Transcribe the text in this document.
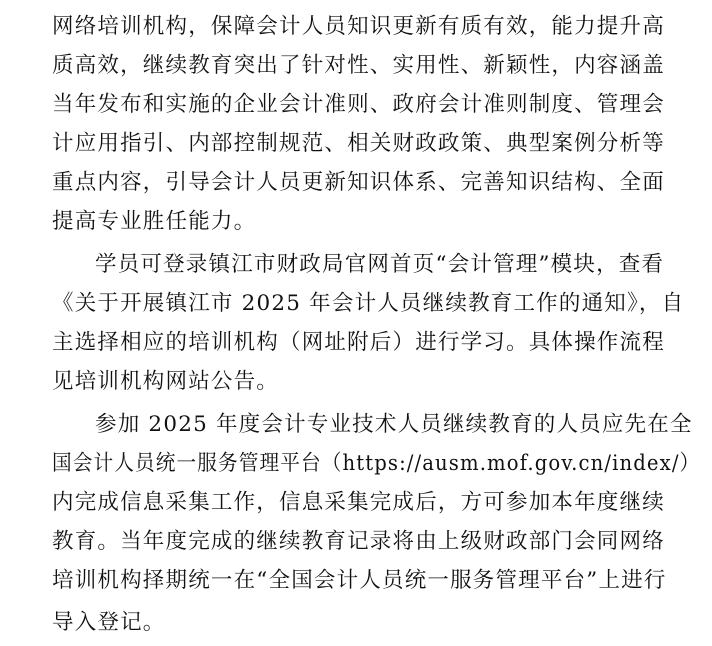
网络培训机构，保障会计人员知识更新有质有效，能力提升高
质高效，继续教育突出了针对性、实用性、新颖性，内容涵盖
当年发布和实施的企业会计准则、政府会计准则制度、管理会
计应用指引、内部控制规范、相关财政政策、典型案例分析等
重点内容，引导会计人员更新知识体系、完善知识结构、全面
提高专业胜任能力。
学员可登录镇江市财政局官网首页“会计管理”模块，查看
《关于开展镇江市 2025 年会计人员继续教育工作的通知》，自
主选择相应的培训机构（网址附后）进行学习。具体操作流程
见培训机构网站公告。
参加 2025 年度会计专业技术人员继续教育的人员应先在全
国会计人员统一服务管理平台（https://ausm.mof.gov.cn/index/）
内完成信息采集工作，信息采集完成后，方可参加本年度继续
教育。当年度完成的继续教育记录将由上级财政部门会同网络
培训机构择期统一在“全国会计人员统一服务管理平台”上进行
导入登记。
